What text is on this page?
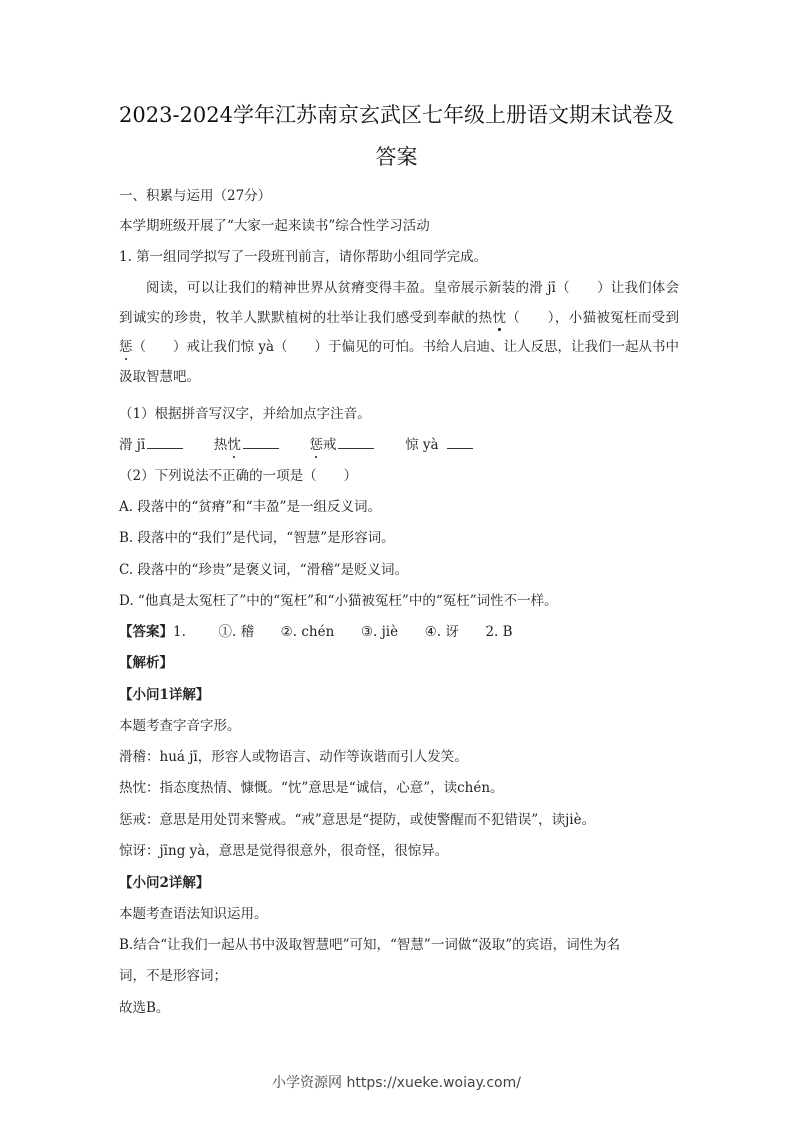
2023-2024学年江苏南京玄武区七年级上册语文期末试卷及
答案
一、积累与运用（27分）
本学期班级开展了“大家一起来读书”综合性学习活动
1. 第一组同学拟写了一段班刊前言，请你帮助小组同学完成。
阅读，可以让我们的精神世界从贫瘠变得丰盈。皇帝展示新装的滑 jī（　　）让我们体会到诚实的珍贵，牧羊人默默植树的壮举让我们感受到奉献的热忱（　　），小猫被冤枉而受到惩（　　）戒让我们惊 yà（　　）于偏见的可怕。书给人启迪、让人反思，让我们一起从书中汲取智慧吧。
（1）根据拼音写汉字，并给加点字注音。
滑 jī	热忱	惩戒	惊 yà
（2）下列说法不正确的一项是（　　）
A. 段落中的“贫瘠”和“丰盈”是一组反义词。
B. 段落中的“我们”是代词，“智慧”是形容词。
C. 段落中的“珍贵”是褒义词，“滑稽”是贬义词。
D. “他真是太冤枉了”中的“冤枉”和“小猫被冤枉”中的“冤枉”词性不一样。
【答案】1. ①. 稽 ②. chén ③. jiè ④. 讶 2. B
【解析】
【小问1详解】
本题考查字音字形。
滑稽：huá jī，形容人或物语言、动作等诙谐而引人发笑。
热忱：指态度热情、慷慨。“忱”意思是“诚信，心意”，读chén。
惩戒：意思是用处罚来警戒。“戒”意思是“提防，或使警醒而不犯错误”，读jiè。
惊讶：jīng yà，意思是觉得很意外，很奇怪，很惊异。
【小问2详解】
本题考查语法知识运用。
B.结合“让我们一起从书中汲取智慧吧”可知，“智慧”一词做“汲取”的宾语，词性为名
词，不是形容词；
故选B。
小学资源网 https://xueke.woiay.com/
